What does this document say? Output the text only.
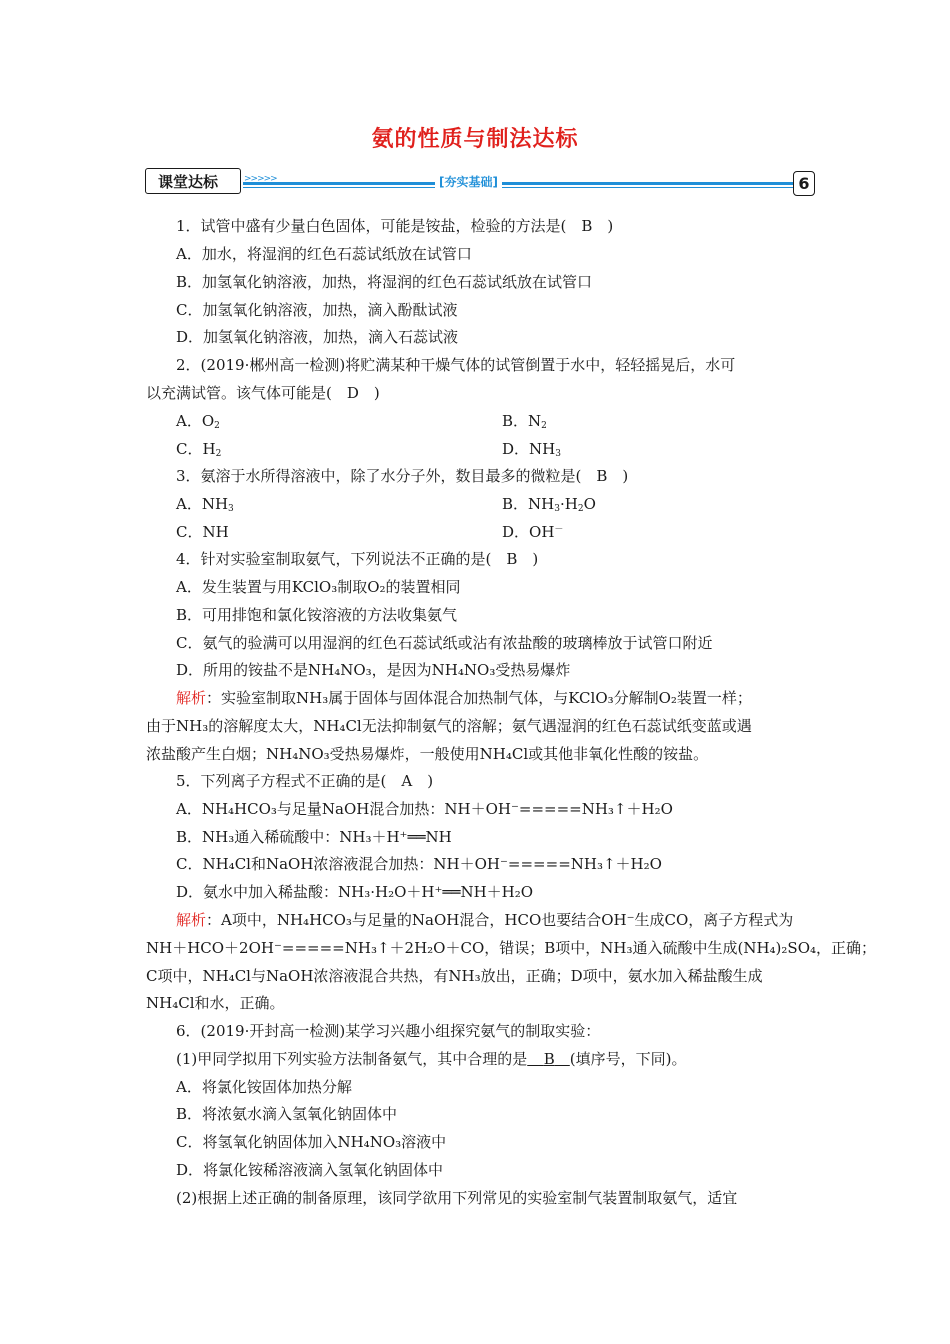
氨的性质与制法达标
课堂达标	>>>>>	[夯实基础]	6
1．试管中盛有少量白色固体，可能是铵盐，检验的方法是(　B　)
A．加水，将湿润的红色石蕊试纸放在试管口
B．加氢氧化钠溶液，加热，将湿润的红色石蕊试纸放在试管口
C．加氢氧化钠溶液，加热，滴入酚酞试液
D．加氢氧化钠溶液，加热，滴入石蕊试液
2．(2019·郴州高一检测)将贮满某种干燥气体的试管倒置于水中，轻轻摇晃后，水可
以充满试管。该气体可能是(　D　)
A．$O_2$	B．$N_2$
C．$H_2$	D．$NH_3$
3．氨溶于水所得溶液中，除了水分子外，数目最多的微粒是(　B　)
A．$NH_3$	B．$NH_3\cdot H_2O$
C．NH	D．OH－
4．针对实验室制取氨气，下列说法不正确的是(　B　)
A．发生装置与用KClO₃制取O₂的装置相同
B．可用排饱和氯化铵溶液的方法收集氨气
C．氨气的验满可以用湿润的红色石蕊试纸或沾有浓盐酸的玻璃棒放于试管口附近
D．所用的铵盐不是NH₄NO₃，是因为NH₄NO₃受热易爆炸
解析：实验室制取NH₃属于固体与固体混合加热制气体，与KClO₃分解制O₂装置一样；
由于NH₃的溶解度太大，NH₄Cl无法抑制氨气的溶解；氨气遇湿润的红色石蕊试纸变蓝或遇
浓盐酸产生白烟；NH₄NO₃受热易爆炸，一般使用NH₄Cl或其他非氧化性酸的铵盐。
5．下列离子方程式不正确的是(　A　)
A．NH₄HCO₃与足量NaOH混合加热：NH＋OH⁻=====NH₃↑＋H₂O
B．NH₃通入稀硫酸中：NH₃＋H⁺══NH
C．NH₄Cl和NaOH浓溶液混合加热：NH＋OH⁻=====NH₃↑＋H₂O
D．氨水中加入稀盐酸：NH₃·H₂O＋H⁺══NH＋H₂O
解析：A项中，NH₄HCO₃与足量的NaOH混合，HCO也要结合OH⁻生成CO，离子方程式为
NH＋HCO＋2OH⁻=====NH₃↑＋2H₂O＋CO，错误；B项中，NH₃通入硫酸中生成(NH₄)₂SO₄，正确；
C项中，NH₄Cl与NaOH浓溶液混合共热，有NH₃放出，正确；D项中，氨水加入稀盐酸生成
NH₄Cl和水，正确。
6．(2019·开封高一检测)某学习兴趣小组探究氨气的制取实验：
(1)甲同学拟用下列实验方法制备氨气，其中合理的是　  B　 (填序号，下同)。
A．将氯化铵固体加热分解
B．将浓氨水滴入氢氧化钠固体中
C．将氢氧化钠固体加入NH₄NO₃溶液中
D．将氯化铵稀溶液滴入氢氧化钠固体中
(2)根据上述正确的制备原理，该同学欲用下列常见的实验室制气装置制取氨气，适宜
